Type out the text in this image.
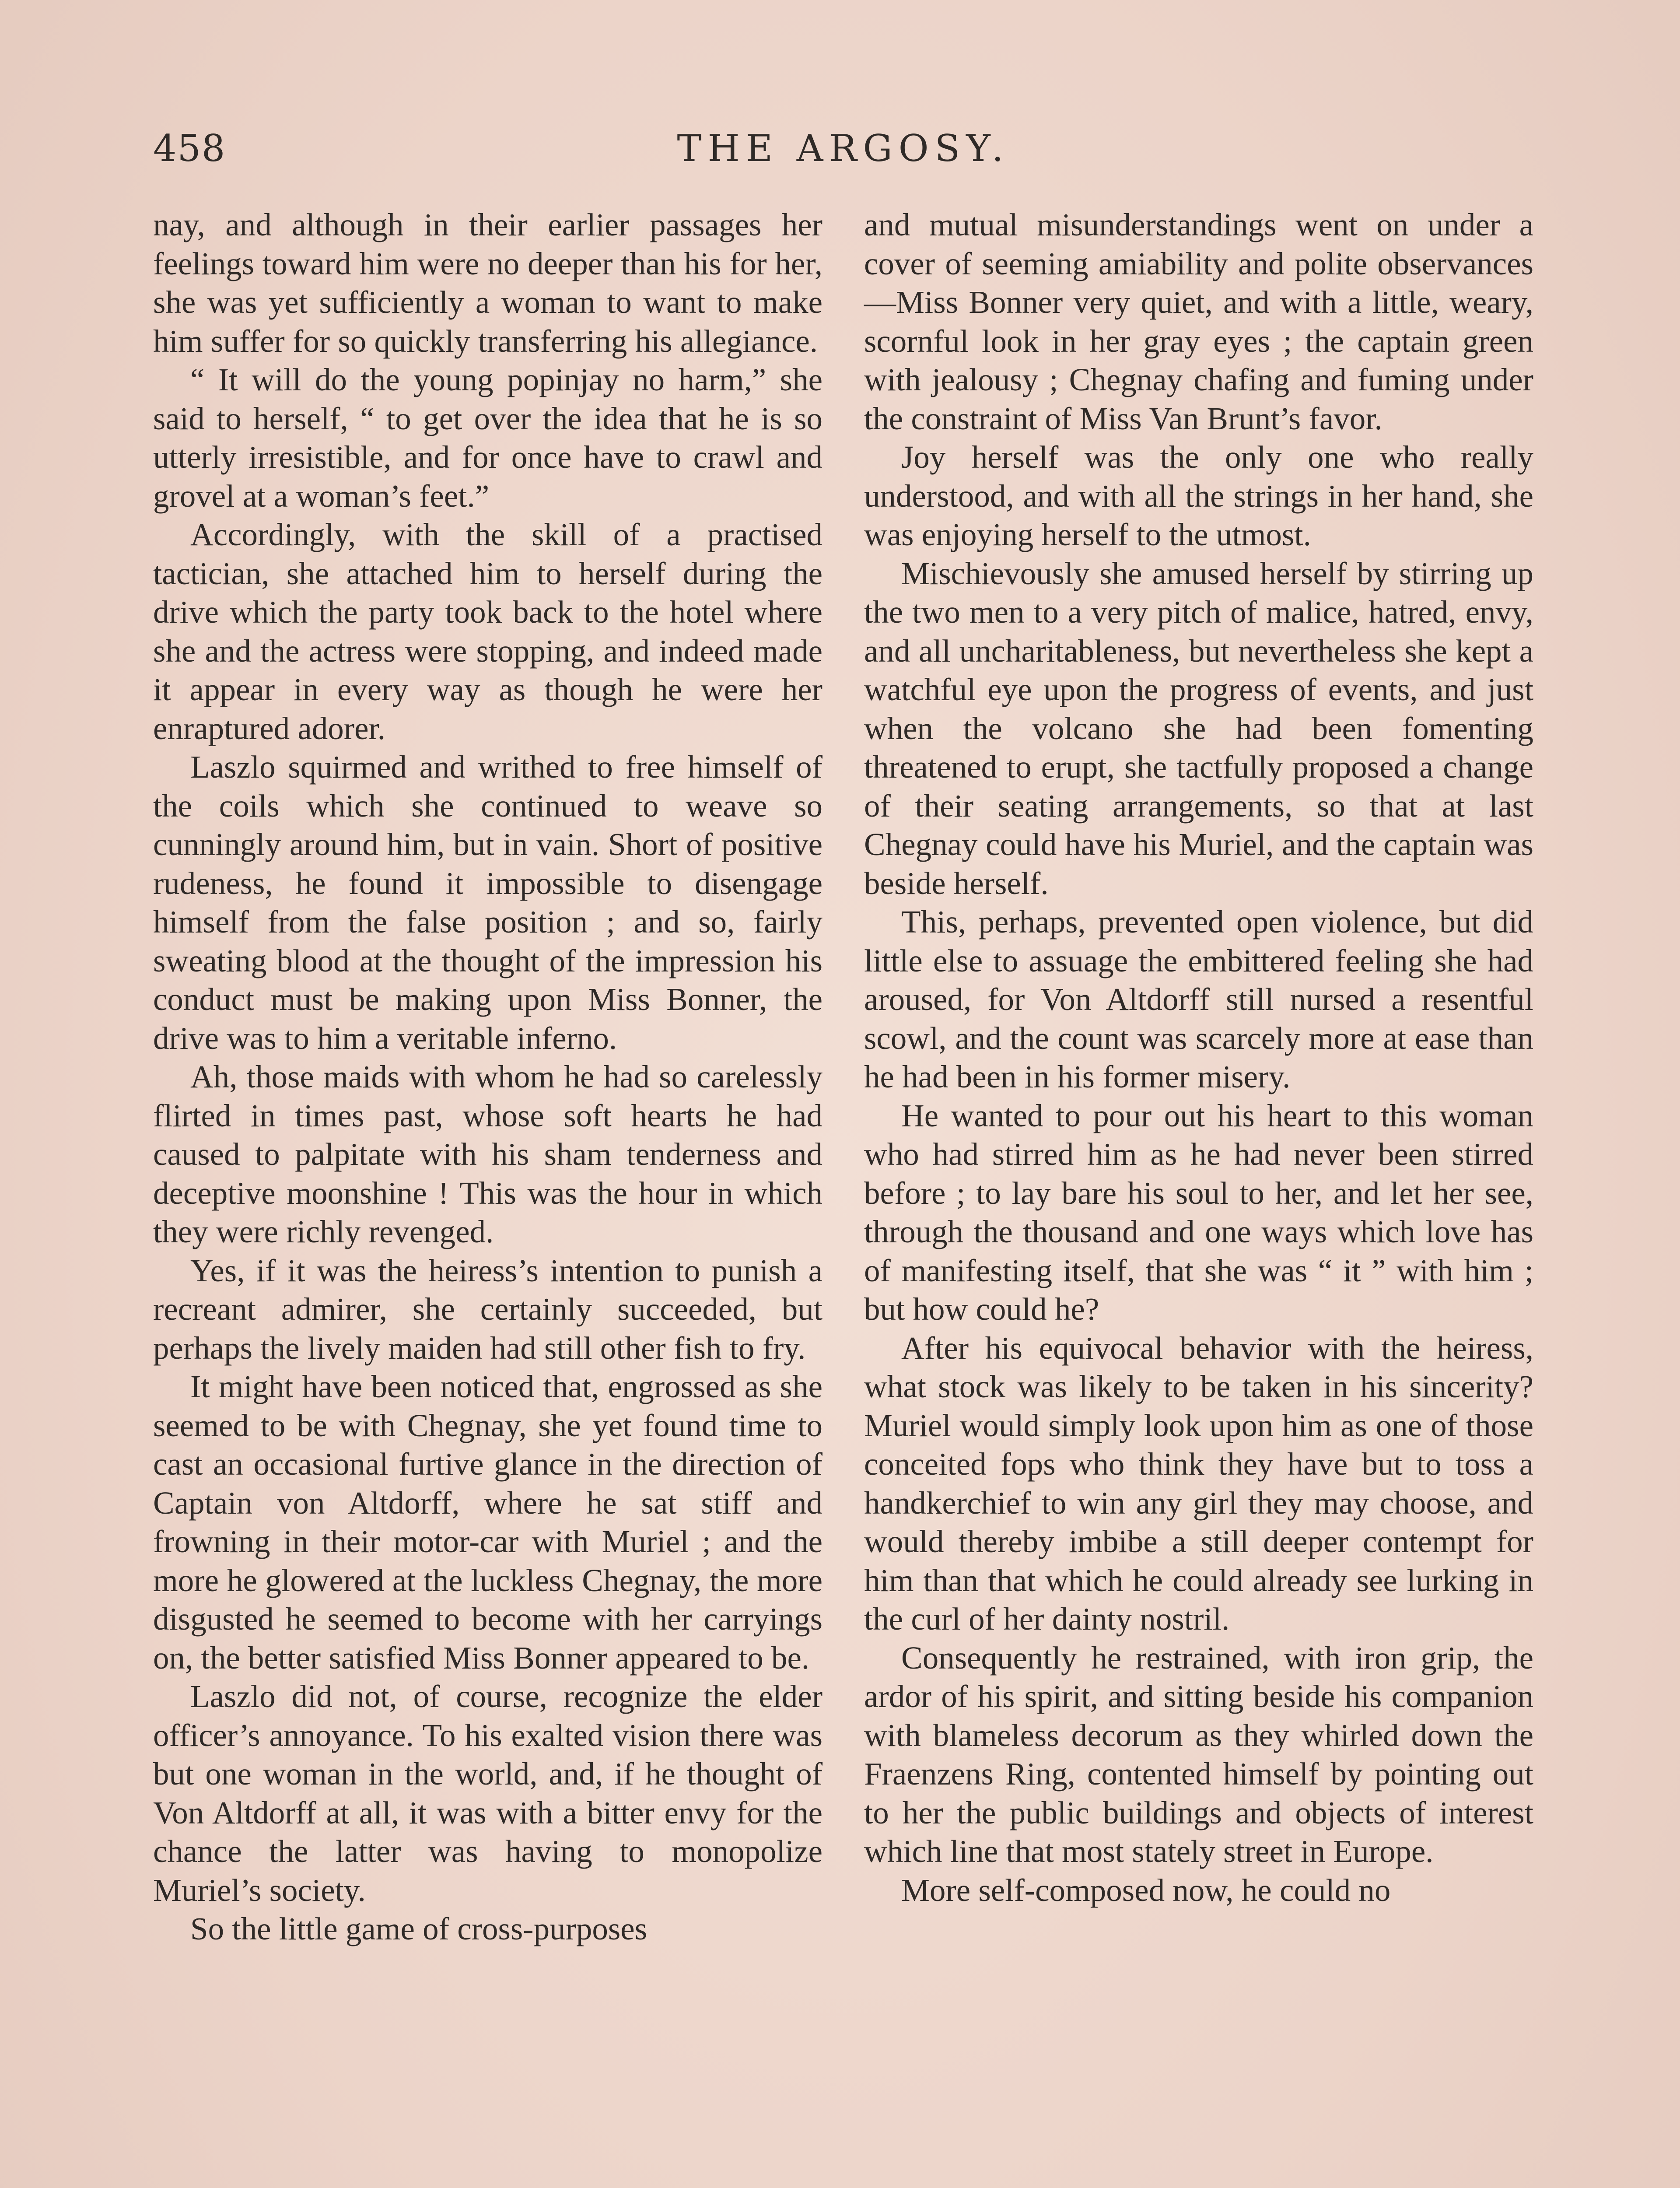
458	THE ARGOSY.

nay, and although in their earlier passages her feelings toward him were no deeper than his for her, she was yet sufficiently a woman to want to make him suffer for so quickly transferring his allegiance.

“ It will do the young popinjay no harm,” she said to herself, “ to get over the idea that he is so utterly irresistible, and for once have to crawl and grovel at a woman’s feet.”

Accordingly, with the skill of a practised tactician, she attached him to herself during the drive which the party took back to the hotel where she and the actress were stopping, and indeed made it appear in every way as though he were her enraptured adorer.

Laszlo squirmed and writhed to free himself of the coils which she continued to weave so cunningly around him, but in vain. Short of positive rudeness, he found it impossible to disengage himself from the false position ; and so, fairly sweating blood at the thought of the impression his conduct must be making upon Miss Bonner, the drive was to him a veritable inferno.

Ah, those maids with whom he had so carelessly flirted in times past, whose soft hearts he had caused to palpitate with his sham tenderness and deceptive moonshine ! This was the hour in which they were richly revenged.

Yes, if it was the heiress’s intention to punish a recreant admirer, she certainly succeeded, but perhaps the lively maiden had still other fish to fry.

It might have been noticed that, engrossed as she seemed to be with Chegnay, she yet found time to cast an occasional furtive glance in the direction of Captain von Altdorff, where he sat stiff and frowning in their motor-car with Muriel ; and the more he glowered at the luckless Chegnay, the more disgusted he seemed to become with her carryings on, the better satisfied Miss Bonner appeared to be.

Laszlo did not, of course, recognize the elder officer’s annoyance. To his exalted vision there was but one woman in the world, and, if he thought of Von Altdorff at all, it was with a bitter envy for the chance the latter was having to monopolize Muriel’s society.

So the little game of cross-purposes

and mutual misunderstandings went on under a cover of seeming amiability and polite observances—Miss Bonner very quiet, and with a little, weary, scornful look in her gray eyes ; the captain green with jealousy ; Chegnay chafing and fuming under the constraint of Miss Van Brunt’s favor.

Joy herself was the only one who really understood, and with all the strings in her hand, she was enjoying herself to the utmost.

Mischievously she amused herself by stirring up the two men to a very pitch of malice, hatred, envy, and all uncharitableness, but nevertheless she kept a watchful eye upon the progress of events, and just when the volcano she had been fomenting threatened to erupt, she tactfully proposed a change of their seating arrangements, so that at last Chegnay could have his Muriel, and the captain was beside herself.

This, perhaps, prevented open violence, but did little else to assuage the embittered feeling she had aroused, for Von Altdorff still nursed a resentful scowl, and the count was scarcely more at ease than he had been in his former misery.

He wanted to pour out his heart to this woman who had stirred him as he had never been stirred before ; to lay bare his soul to her, and let her see, through the thousand and one ways which love has of manifesting itself, that she was “ it ” with him ; but how could he?

After his equivocal behavior with the heiress, what stock was likely to be taken in his sincerity? Muriel would simply look upon him as one of those conceited fops who think they have but to toss a handkerchief to win any girl they may choose, and would thereby imbibe a still deeper contempt for him than that which he could already see lurking in the curl of her dainty nostril.

Consequently he restrained, with iron grip, the ardor of his spirit, and sitting beside his companion with blameless decorum as they whirled down the Fraenzens Ring, contented himself by pointing out to her the public buildings and objects of interest which line that most stately street in Europe.

More self-composed now, he could no
